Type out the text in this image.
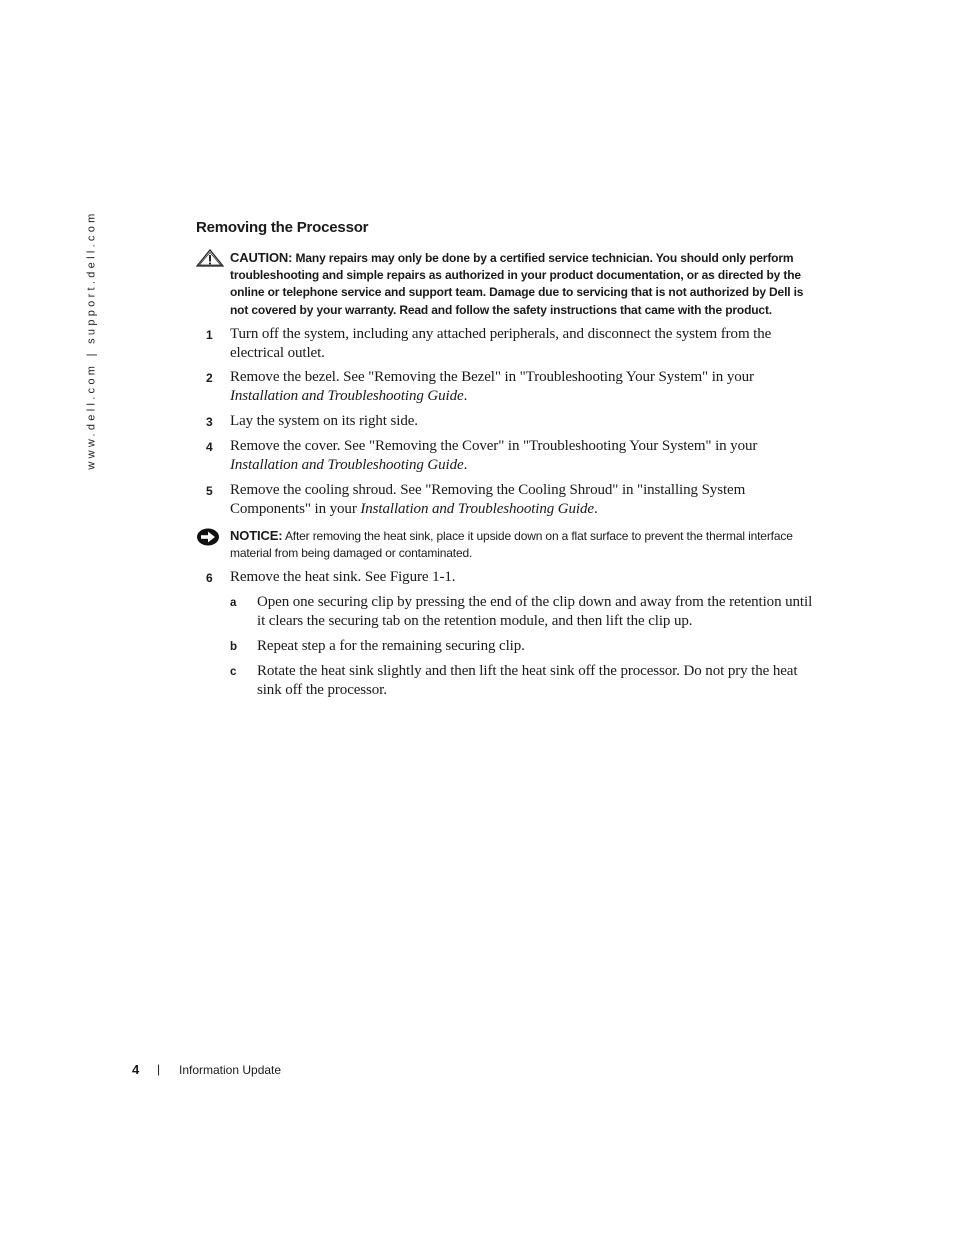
www.dell.com | support.dell.com	Removing the Processor
CAUTION: Many repairs may only be done by a certified service technician. You should only perform troubleshooting and simple repairs as authorized in your product documentation, or as directed by the online or telephone service and support team. Damage due to servicing that is not authorized by Dell is not covered by your warranty. Read and follow the safety instructions that came with the product.
1 Turn off the system, including any attached peripherals, and disconnect the system from the electrical outlet.
2 Remove the bezel. See "Removing the Bezel" in "Troubleshooting Your System" in your Installation and Troubleshooting Guide.
3 Lay the system on its right side.
4 Remove the cover. See "Removing the Cover" in "Troubleshooting Your System" in your Installation and Troubleshooting Guide.
5 Remove the cooling shroud. See "Removing the Cooling Shroud" in "installing System Components" in your Installation and Troubleshooting Guide.
NOTICE: After removing the heat sink, place it upside down on a flat surface to prevent the thermal interface material from being damaged or contaminated.
6 Remove the heat sink. See Figure 1-1.
a Open one securing clip by pressing the end of the clip down and away from the retention until it clears the securing tab on the retention module, and then lift the clip up.
b Repeat step a for the remaining securing clip.
c Rotate the heat sink slightly and then lift the heat sink off the processor. Do not pry the heat sink off the processor.
4 | Information Update
